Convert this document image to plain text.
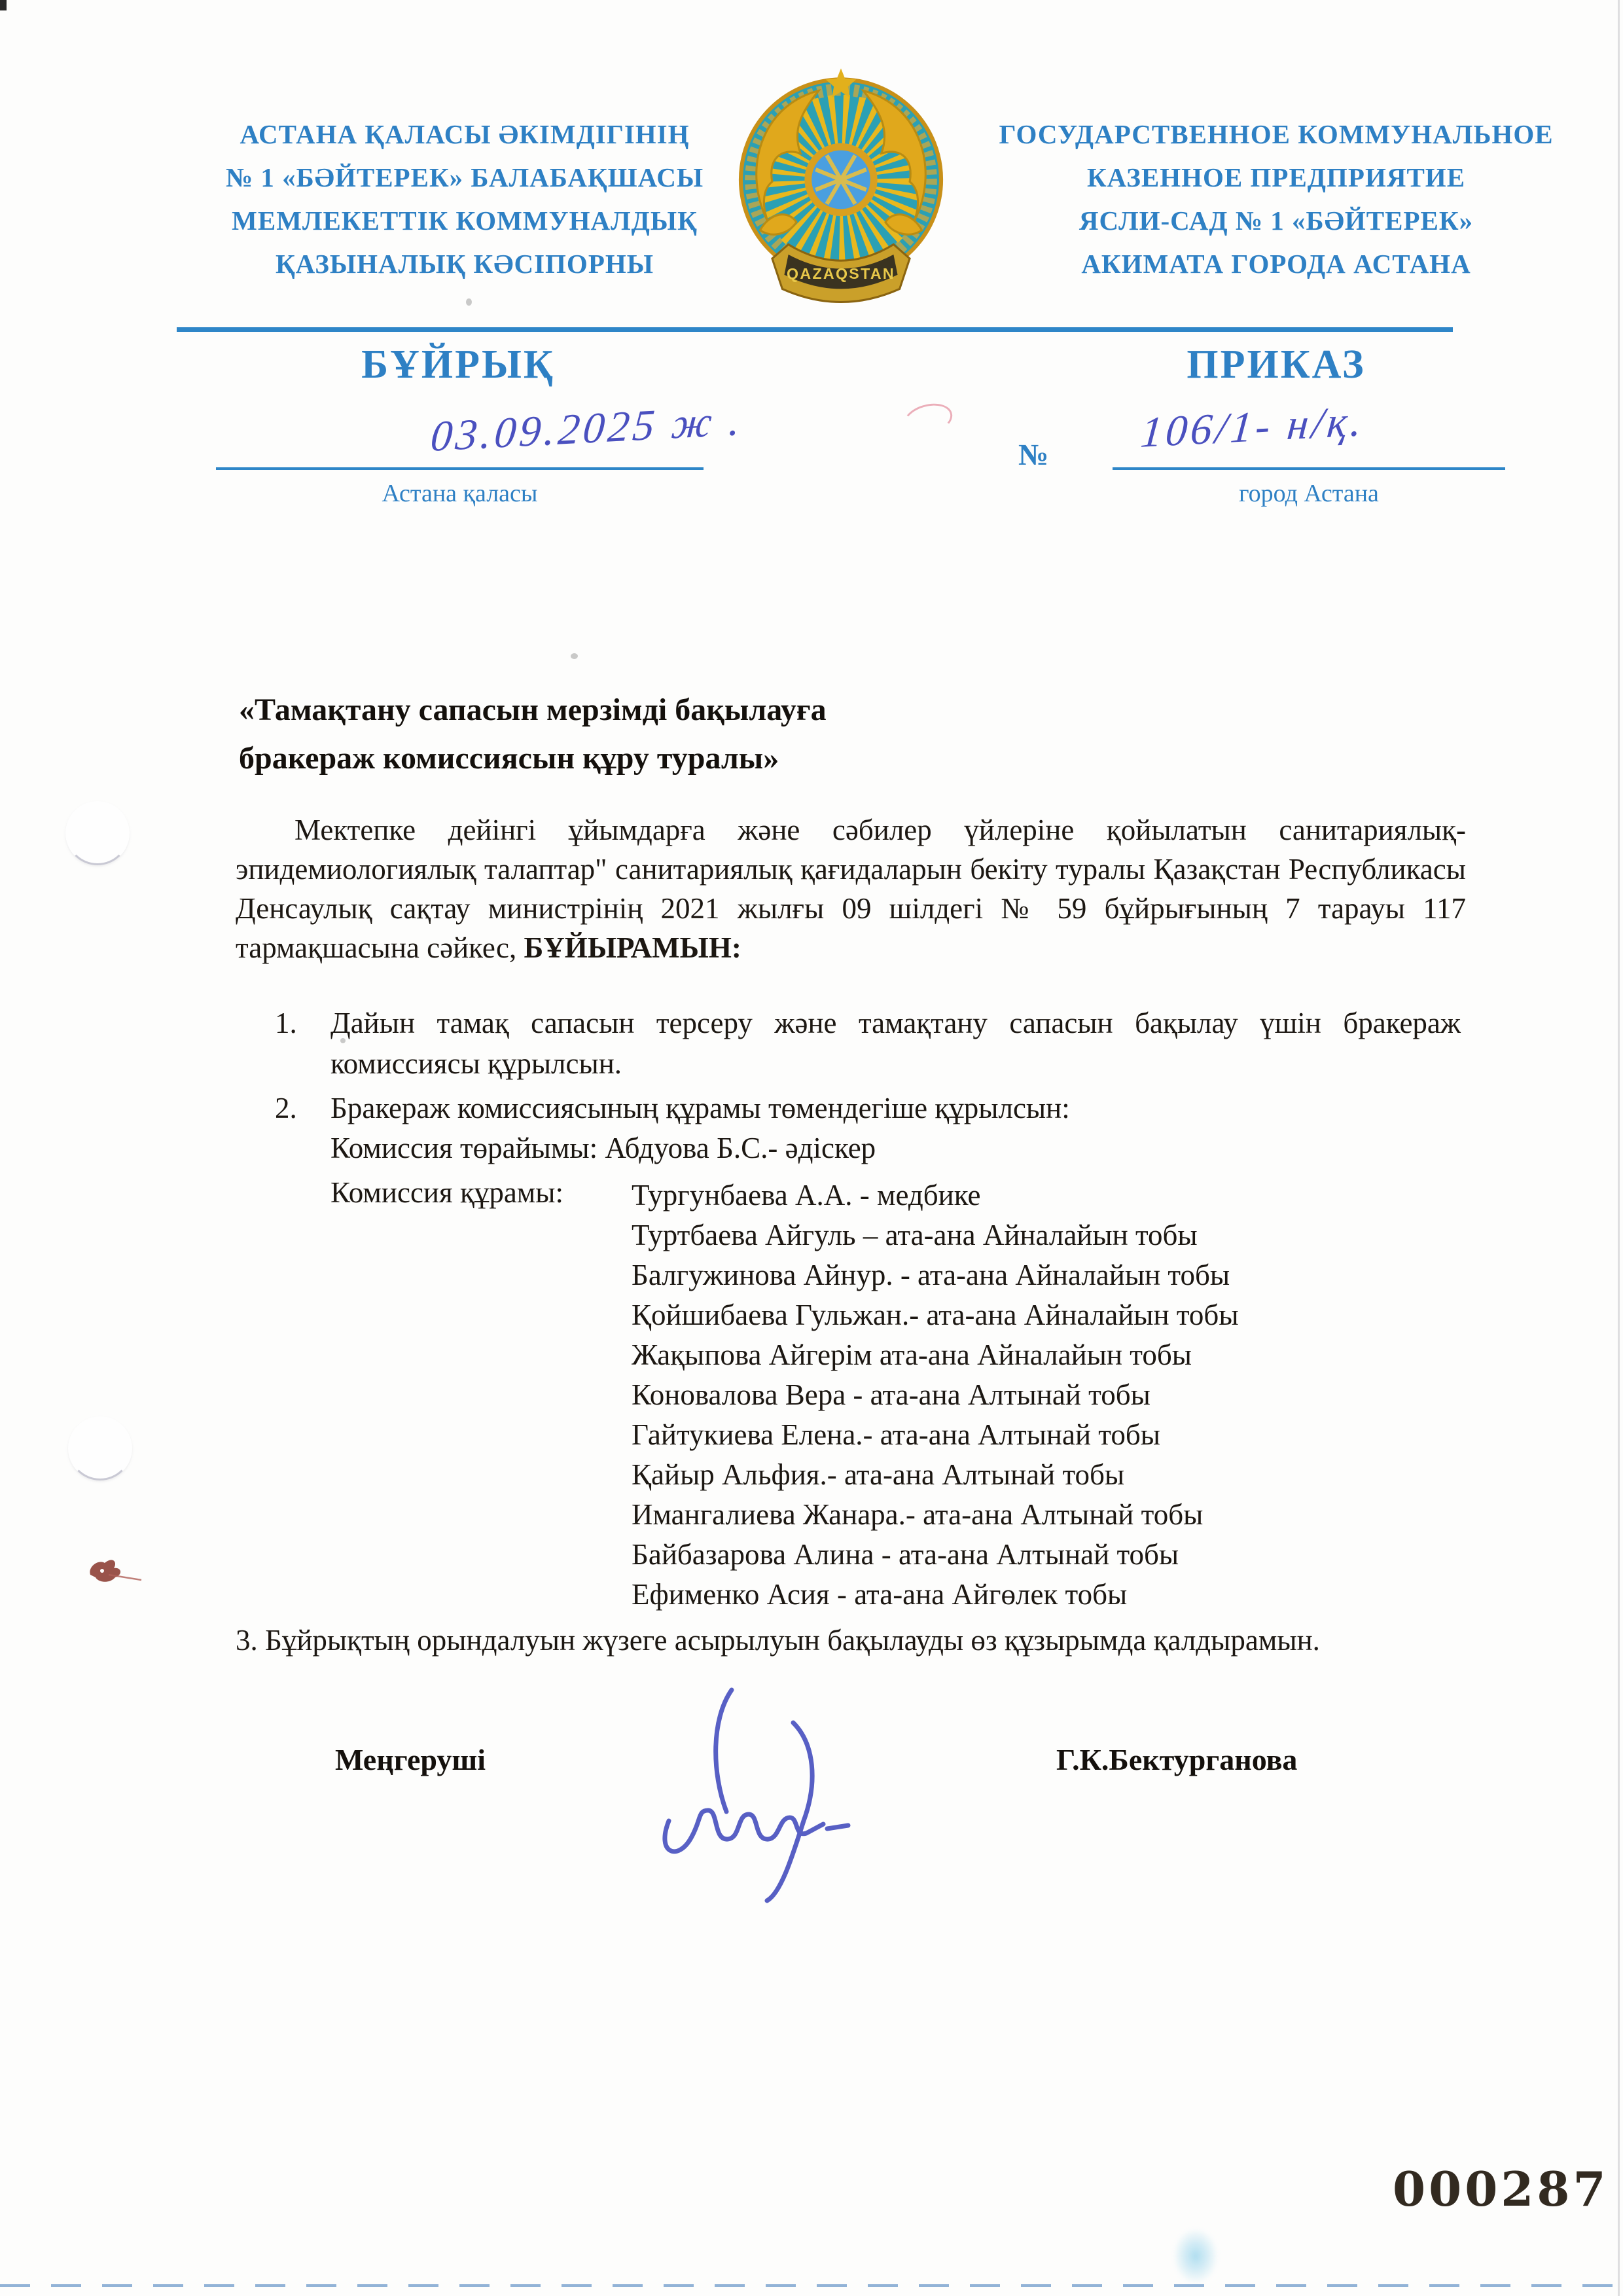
АСТАНА ҚАЛАСЫ ӘКІМДІГІНІҢ
№ 1 «БӘЙТЕРЕК» БАЛАБАҚШАСЫ
МЕМЛЕКЕТТІК КОММУНАЛДЫҚ
ҚАЗЫНАЛЫҚ КӘСІПОРНЫ
ГОСУДАРСТВЕННОЕ КОММУНАЛЬНОЕ
КАЗЕННОЕ ПРЕДПРИЯТИЕ
ЯСЛИ-САД № 1 «БӘЙТЕРЕК»
АКИМАТА ГОРОДА АСТАНА
QAZAQSTAN
БҰЙРЫҚ	ПРИКАЗ
03.09.2025 ж .
Астана қаласы
№ 106/1- н/қ.
город Астана
«Тамақтану сапасын мерзімді бақылауға
бракераж комиссиясын құру туралы»

Мектепке дейінгі ұйымдарға және сәбилер үйлеріне қойылатын санитариялық-эпидемиологиялық талаптар" санитариялық қағидаларын бекіту туралы Қазақстан Республикасы Денсаулық сақтау министрінің 2021 жылғы 09 шілдегі № 59 бұйрығының 7 тарауы 117 тармақшасына сәйкес, БҰЙЫРАМЫН:

1.	Дайын тамақ сапасын терсеру және тамақтану сапасын бақылау үшін бракераж комиссиясы құрылсын.
2.	Бракераж комиссиясының құрамы төмендегіше құрылсын:
Комиссия төрайымы: Абдуова Б.С.- әдіскер
Комиссия құрамы: Тургунбаева А.А. - медбике
Туртбаева Айгуль – ата-ана Айналайын тобы
Балгужинова Айнур. - ата-ана Айналайын тобы
Қойшибаева Гульжан.- ата-ана Айналайын тобы
Жақыпова Айгерім ата-ана Айналайын тобы
Коновалова Вера - ата-ана Алтынай тобы
Гайтукиева Елена.- ата-ана Алтынай тобы
Қайыр Альфия.- ата-ана Алтынай тобы
Имангалиева Жанара.- ата-ана Алтынай тобы
Байбазарова Алина - ата-ана Алтынай тобы
Ефименко Асия - ата-ана Айгөлек тобы
3. Бұйрықтың орындалуын жүзеге асырылуын бақылауды өз құзырымда қалдырамын.
Меңгеруші	Г.К.Бектурганова
000287
